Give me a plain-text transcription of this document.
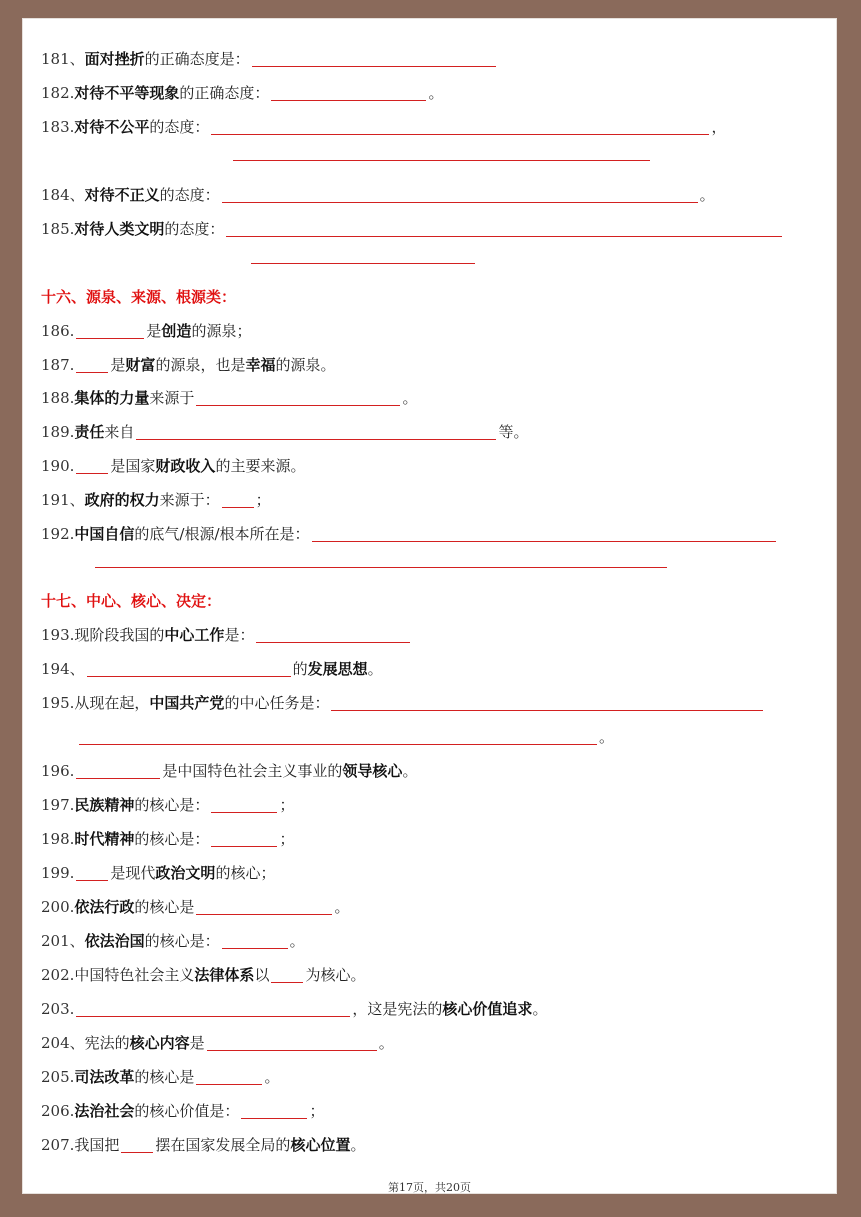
181、面对挫折的正确态度是：
182.对待不平等现象的正确态度：	。
183.对待不公平的态度：	，
184、对待不正义的态度：	。
185.对待人类文明的态度：
十六、源泉、来源、根源类：
186.	是创造的源泉；
187. 是财富的源泉，也是幸福的源泉。
188.集体的力量来源于	。
189.责任来自	等。
190. 是国家财政收入的主要来源。
191、政府的权力来源于： ；
192.中国自信的底气/根源/根本所在是：
十七、中心、核心、决定：
193.现阶段我国的中心工作是：
194、	的发展思想。
195.从现在起，中国共产党的中心任务是：
。
196.	是中国特色社会主义事业的领导核心。
197.民族精神的核心是：	；
198.时代精神的核心是：	；
199. 是现代政治文明的核心；
200.依法行政的核心是	。
201、依法治国的核心是：	。
202.中国特色社会主义法律体系以 为核心。
203.	，这是宪法的核心价值追求。
204、宪法的核心内容是	。
205.司法改革的核心是	。
206.法治社会的核心价值是：	；
207.我国把 摆在国家发展全局的核心位置。
第17页，共20页
